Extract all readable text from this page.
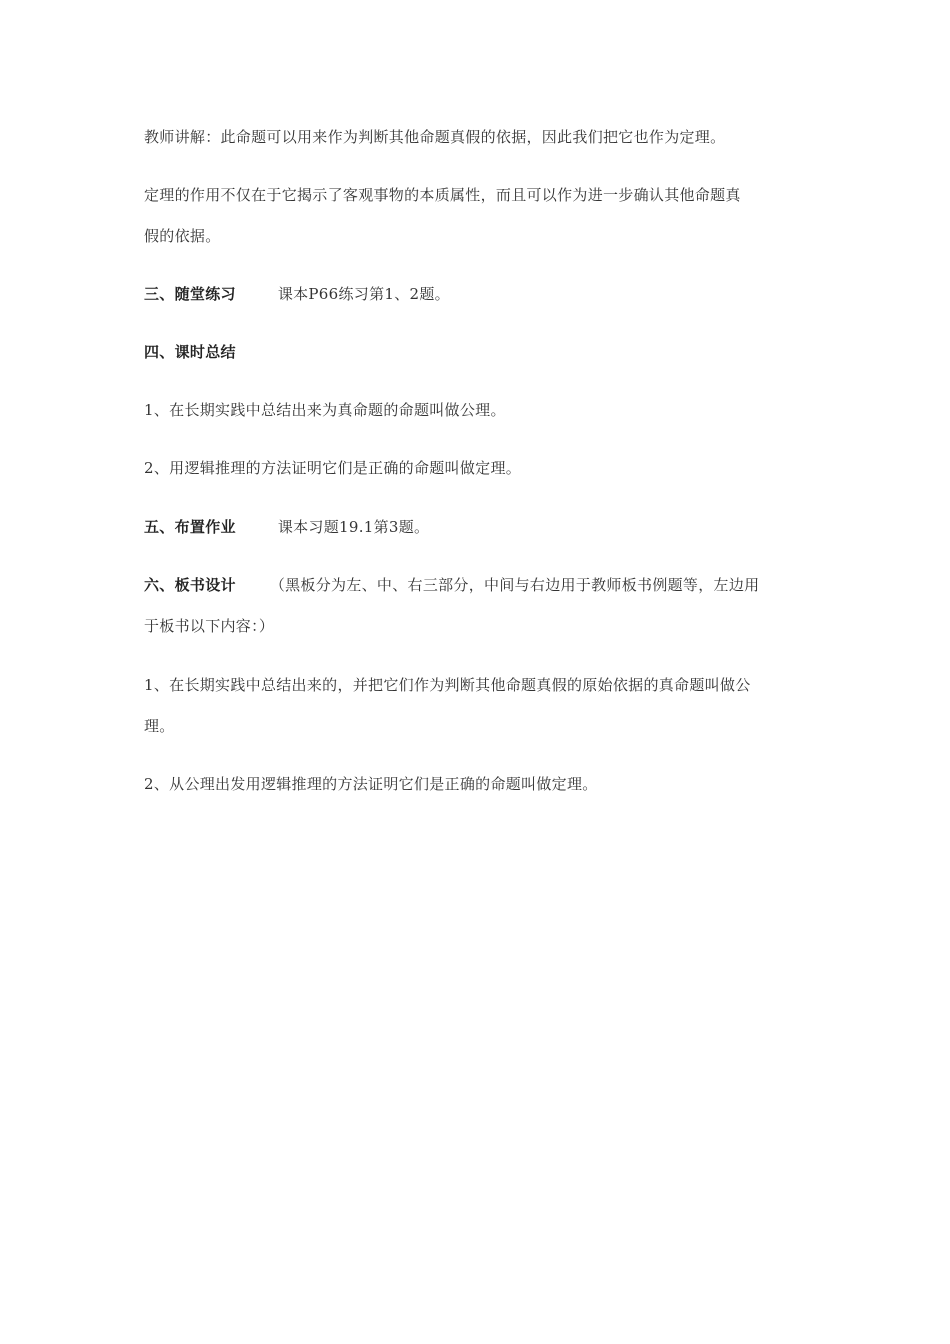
教师讲解：此命题可以用来作为判断其他命题真假的依据，因此我们把它也作为定理。
定理的作用不仅在于它揭示了客观事物的本质属性，而且可以作为进一步确认其他命题真
假的依据。
三、随堂练习	课本P66练习第1、2题。
四、课时总结
1、在长期实践中总结出来为真命题的命题叫做公理。
2、用逻辑推理的方法证明它们是正确的命题叫做定理。
五、布置作业	课本习题19.1第3题。
六、板书设计 （黑板分为左、中、右三部分，中间与右边用于教师板书例题等，左边用
于板书以下内容：）
1、在长期实践中总结出来的，并把它们作为判断其他命题真假的原始依据的真命题叫做公
理。
2、从公理出发用逻辑推理的方法证明它们是正确的命题叫做定理。
